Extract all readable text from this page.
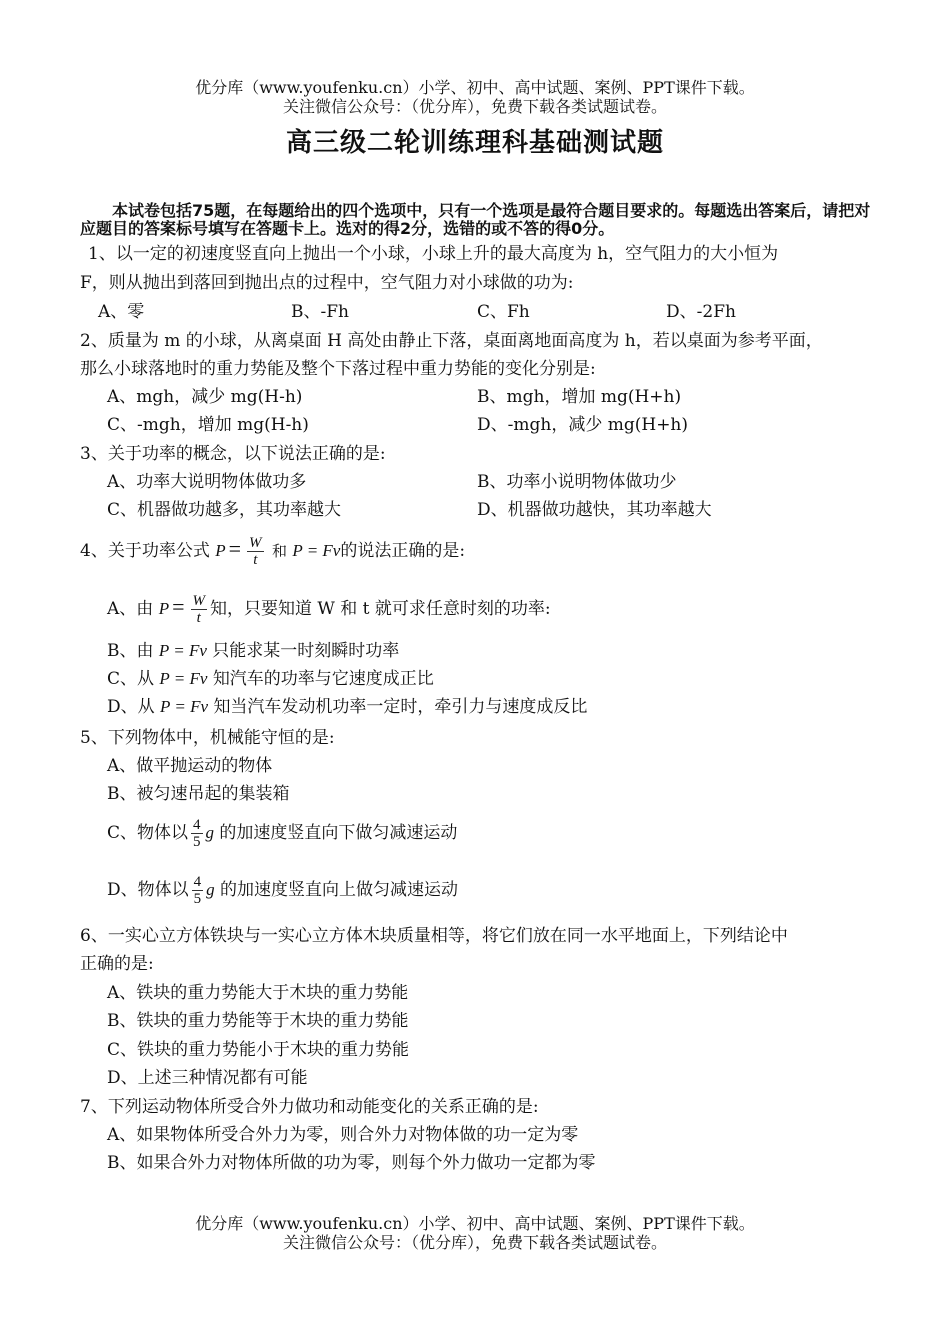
优分库（www.youfenku.cn）小学、初中、高中试题、案例、PPT课件下载。
关注微信公众号：（优分库），免费下载各类试题试卷。
高三级二轮训练理科基础测试题
本试卷包括75题，在每题给出的四个选项中，只有一个选项是最符合题目要求的。每题选出答案后，请把对应题目的答案标号填写在答题卡上。选对的得2分，选错的或不答的得0分。
1、以一定的初速度竖直向上抛出一个小球，小球上升的最大高度为 h，空气阻力的大小恒为
F，则从抛出到落回到抛出点的过程中，空气阻力对小球做的功为:
A、零	B、-Fh	C、Fh	D、-2Fh
2、质量为 m 的小球，从离桌面 H 高处由静止下落，桌面离地面高度为 h，若以桌面为参考平面，
那么小球落地时的重力势能及整个下落过程中重力势能的变化分别是:
A、mgh，减少 mg(H-h)	B、mgh，增加 mg(H+h)
C、-mgh，增加 mg(H-h)	D、-mgh，减少 mg(H+h)
3、关于功率的概念，以下说法正确的是:
A、功率大说明物体做功多	B、功率小说明物体做功少
C、机器做功越多，其功率越大	D、机器做功越快，其功率越大
4、关于功率公式 $P = \frac{W}{t}$ 和 P = Fv的说法正确的是:
A、由 $P = \frac{W}{t}$ 知，只要知道 W 和 t 就可求任意时刻的功率:
B、由 P = Fv 只能求某一时刻瞬时功率
C、从 P = Fv 知汽车的功率与它速度成正比
D、从 P = Fv 知当汽车发动机功率一定时，牵引力与速度成反比
5、下列物体中，机械能守恒的是:
A、做平抛运动的物体
B、被匀速吊起的集装箱
C、物体以 $\frac{4}{5}$ g 的加速度竖直向下做匀减速运动
D、物体以 $\frac{4}{5}$ g 的加速度竖直向上做匀减速运动
6、一实心立方体铁块与一实心立方体木块质量相等，将它们放在同一水平地面上，下列结论中
正确的是:
A、铁块的重力势能大于木块的重力势能
B、铁块的重力势能等于木块的重力势能
C、铁块的重力势能小于木块的重力势能
D、上述三种情况都有可能
7、下列运动物体所受合外力做功和动能变化的关系正确的是:
A、如果物体所受合外力为零，则合外力对物体做的功一定为零
B、如果合外力对物体所做的功为零，则每个外力做功一定都为零
优分库（www.youfenku.cn）小学、初中、高中试题、案例、PPT课件下载。
关注微信公众号：（优分库），免费下载各类试题试卷。
